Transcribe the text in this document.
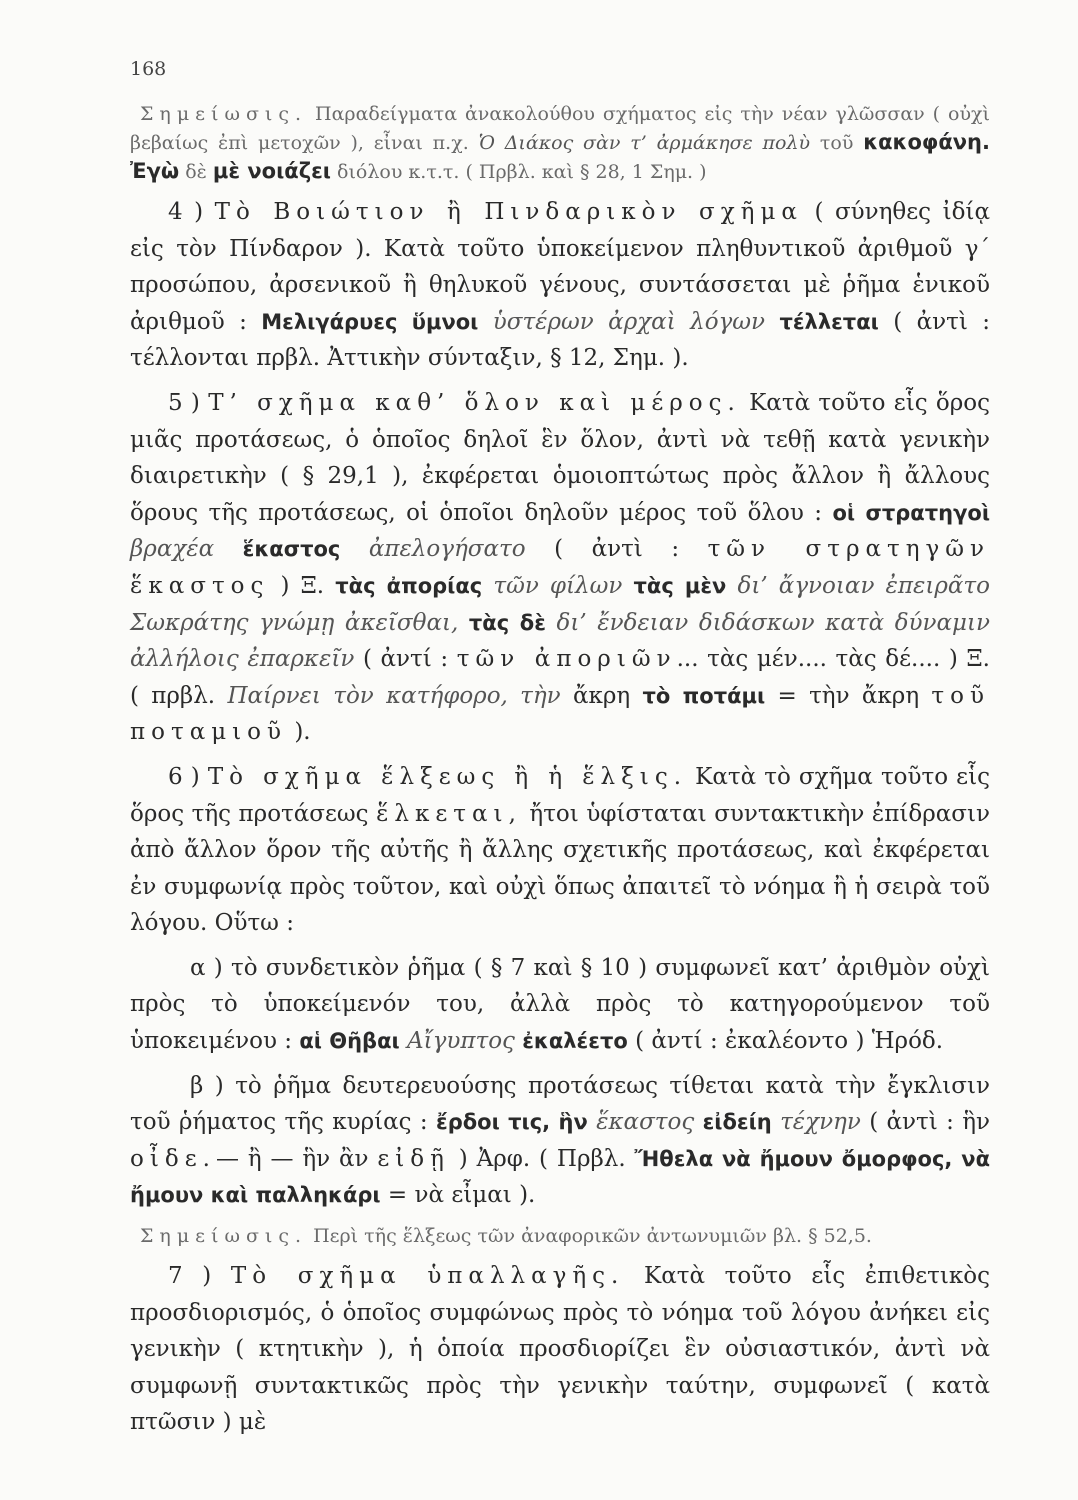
168

Σημείωσις. Παραδείγματα ἀνακολούθου σχήματος εἰς τὴν νέαν γλῶσσαν ( οὐχὶ βεβαίως ἐπὶ μετοχῶν ), εἶναι π.χ. Ὁ Διάκος σὰν τ’ ἀρμάκησε πολὺ τοῦ κακοφάνη. Ἐγὼ δὲ μὲ νοιάζει διόλου κ.τ.τ. ( Πρβλ. καὶ § 28, 1 Σημ. )

4 ) Τὸ Βοιώτιον ἢ Πινδαρικὸν σχῆμα ( σύνηθες ἰδίᾳ εἰς τὸν Πίνδαρον ). Κατὰ τοῦτο ὑποκείμενον πληθυντικοῦ ἀριθμοῦ γ΄ προσώπου, ἀρσενικοῦ ἢ θηλυκοῦ γένους, συντάσσεται μὲ ῥῆμα ἑνικοῦ ἀριθμοῦ : Μελιγάρυες ὕμνοι ὑστέρων ἀρχαὶ λόγων τέλλεται ( ἀντὶ : τέλλονται πρβλ. Ἀττικὴν σύνταξιν, § 12, Σημ. ).

5 ) Τ’ σχῆμα καθ’ ὅλον καὶ μέρος. Κατὰ τοῦτο εἷς ὅρος μιᾶς προτάσεως, ὁ ὁποῖος δηλοῖ ἓν ὅλον, ἀντὶ νὰ τεθῇ κατὰ γενικὴν διαιρετικὴν ( § 29,1 ), ἐκφέρεται ὁμοιοπτώτως πρὸς ἄλλον ἢ ἄλλους ὅρους τῆς προτάσεως, οἱ ὁποῖοι δηλοῦν μέρος τοῦ ὅλου : οἱ στρατηγοὶ βραχέα ἕκαστος ἀπελογήσατο ( ἀντὶ : τῶν στρατηγῶν ἕκαστος ) Ξ. τὰς ἀπορίας τῶν φίλων τὰς μὲν δι’ ἄγνοιαν ἐπειρᾶτο Σωκράτης γνώμῃ ἀκεῖσθαι, τὰς δὲ δι’ ἔνδειαν διδάσκων κατὰ δύναμιν ἀλλήλοις ἐπαρκεῖν ( ἀντί : τῶν ἀποριῶν... τὰς μέν.... τὰς δέ.... ) Ξ. ( πρβλ. Παίρνει τὸν κατήφορο, τὴν ἄκρη τὸ ποτάμι = τὴν ἄκρη τοῦ ποταμιοῦ ).

6 ) Τὸ σχῆμα ἕλξεως ἢ ἡ ἕλξις. Κατὰ τὸ σχῆμα τοῦτο εἷς ὅρος τῆς προτάσεως ἕλκεται, ἤτοι ὑφίσταται συντακτικὴν ἐπίδρασιν ἀπὸ ἄλλον ὅρον τῆς αὐτῆς ἢ ἄλλης σχετικῆς προτάσεως, καὶ ἐκφέρεται ἐν συμφωνίᾳ πρὸς τοῦτον, καὶ οὐχὶ ὅπως ἀπαιτεῖ τὸ νόημα ἢ ἡ σειρὰ τοῦ λόγου. Οὕτω :

α ) τὸ συνδετικὸν ῥῆμα ( § 7 καὶ § 10 ) συμφωνεῖ κατ’ ἀριθμὸν οὐχὶ πρὸς τὸ ὑποκείμενόν του, ἀλλὰ πρὸς τὸ κατηγορούμενον τοῦ ὑποκειμένου : αἱ Θῆβαι Αἴγυπτος ἐκαλέετο ( ἀντί : ἐκαλέοντο ) Ἡρόδ.

β ) τὸ ῥῆμα δευτερευούσης προτάσεως τίθεται κατὰ τὴν ἔγκλισιν τοῦ ῥήματος τῆς κυρίας : ἔρδοι τις, ἣν ἕκαστος εἰδείη τέχνην ( ἀντὶ : ἣν οἶδε.— ἢ — ἣν ἂν εἰδῇ ) Ἀρφ. ( Πρβλ. Ἤθελα νὰ ἤμουν ὄμορφος, νὰ ἤμουν καὶ παλληκάρι = νὰ εἶμαι ).

Σημείωσις. Περὶ τῆς ἕλξεως τῶν ἀναφορικῶν ἀντωνυμιῶν βλ. § 52,5.

7 ) Τὸ σχῆμα ὑπαλλαγῆς. Κατὰ τοῦτο εἷς ἐπιθετικὸς προσδιορισμός, ὁ ὁποῖος συμφώνως πρὸς τὸ νόημα τοῦ λόγου ἀνήκει εἰς γενικὴν ( κτητικὴν ), ἡ ὁποία προσδιορίζει ἓν οὐσιαστικόν, ἀντὶ νὰ συμφωνῇ συντακτικῶς πρὸς τὴν γενικὴν ταύτην, συμφωνεῖ ( κατὰ πτῶσιν ) μὲ
